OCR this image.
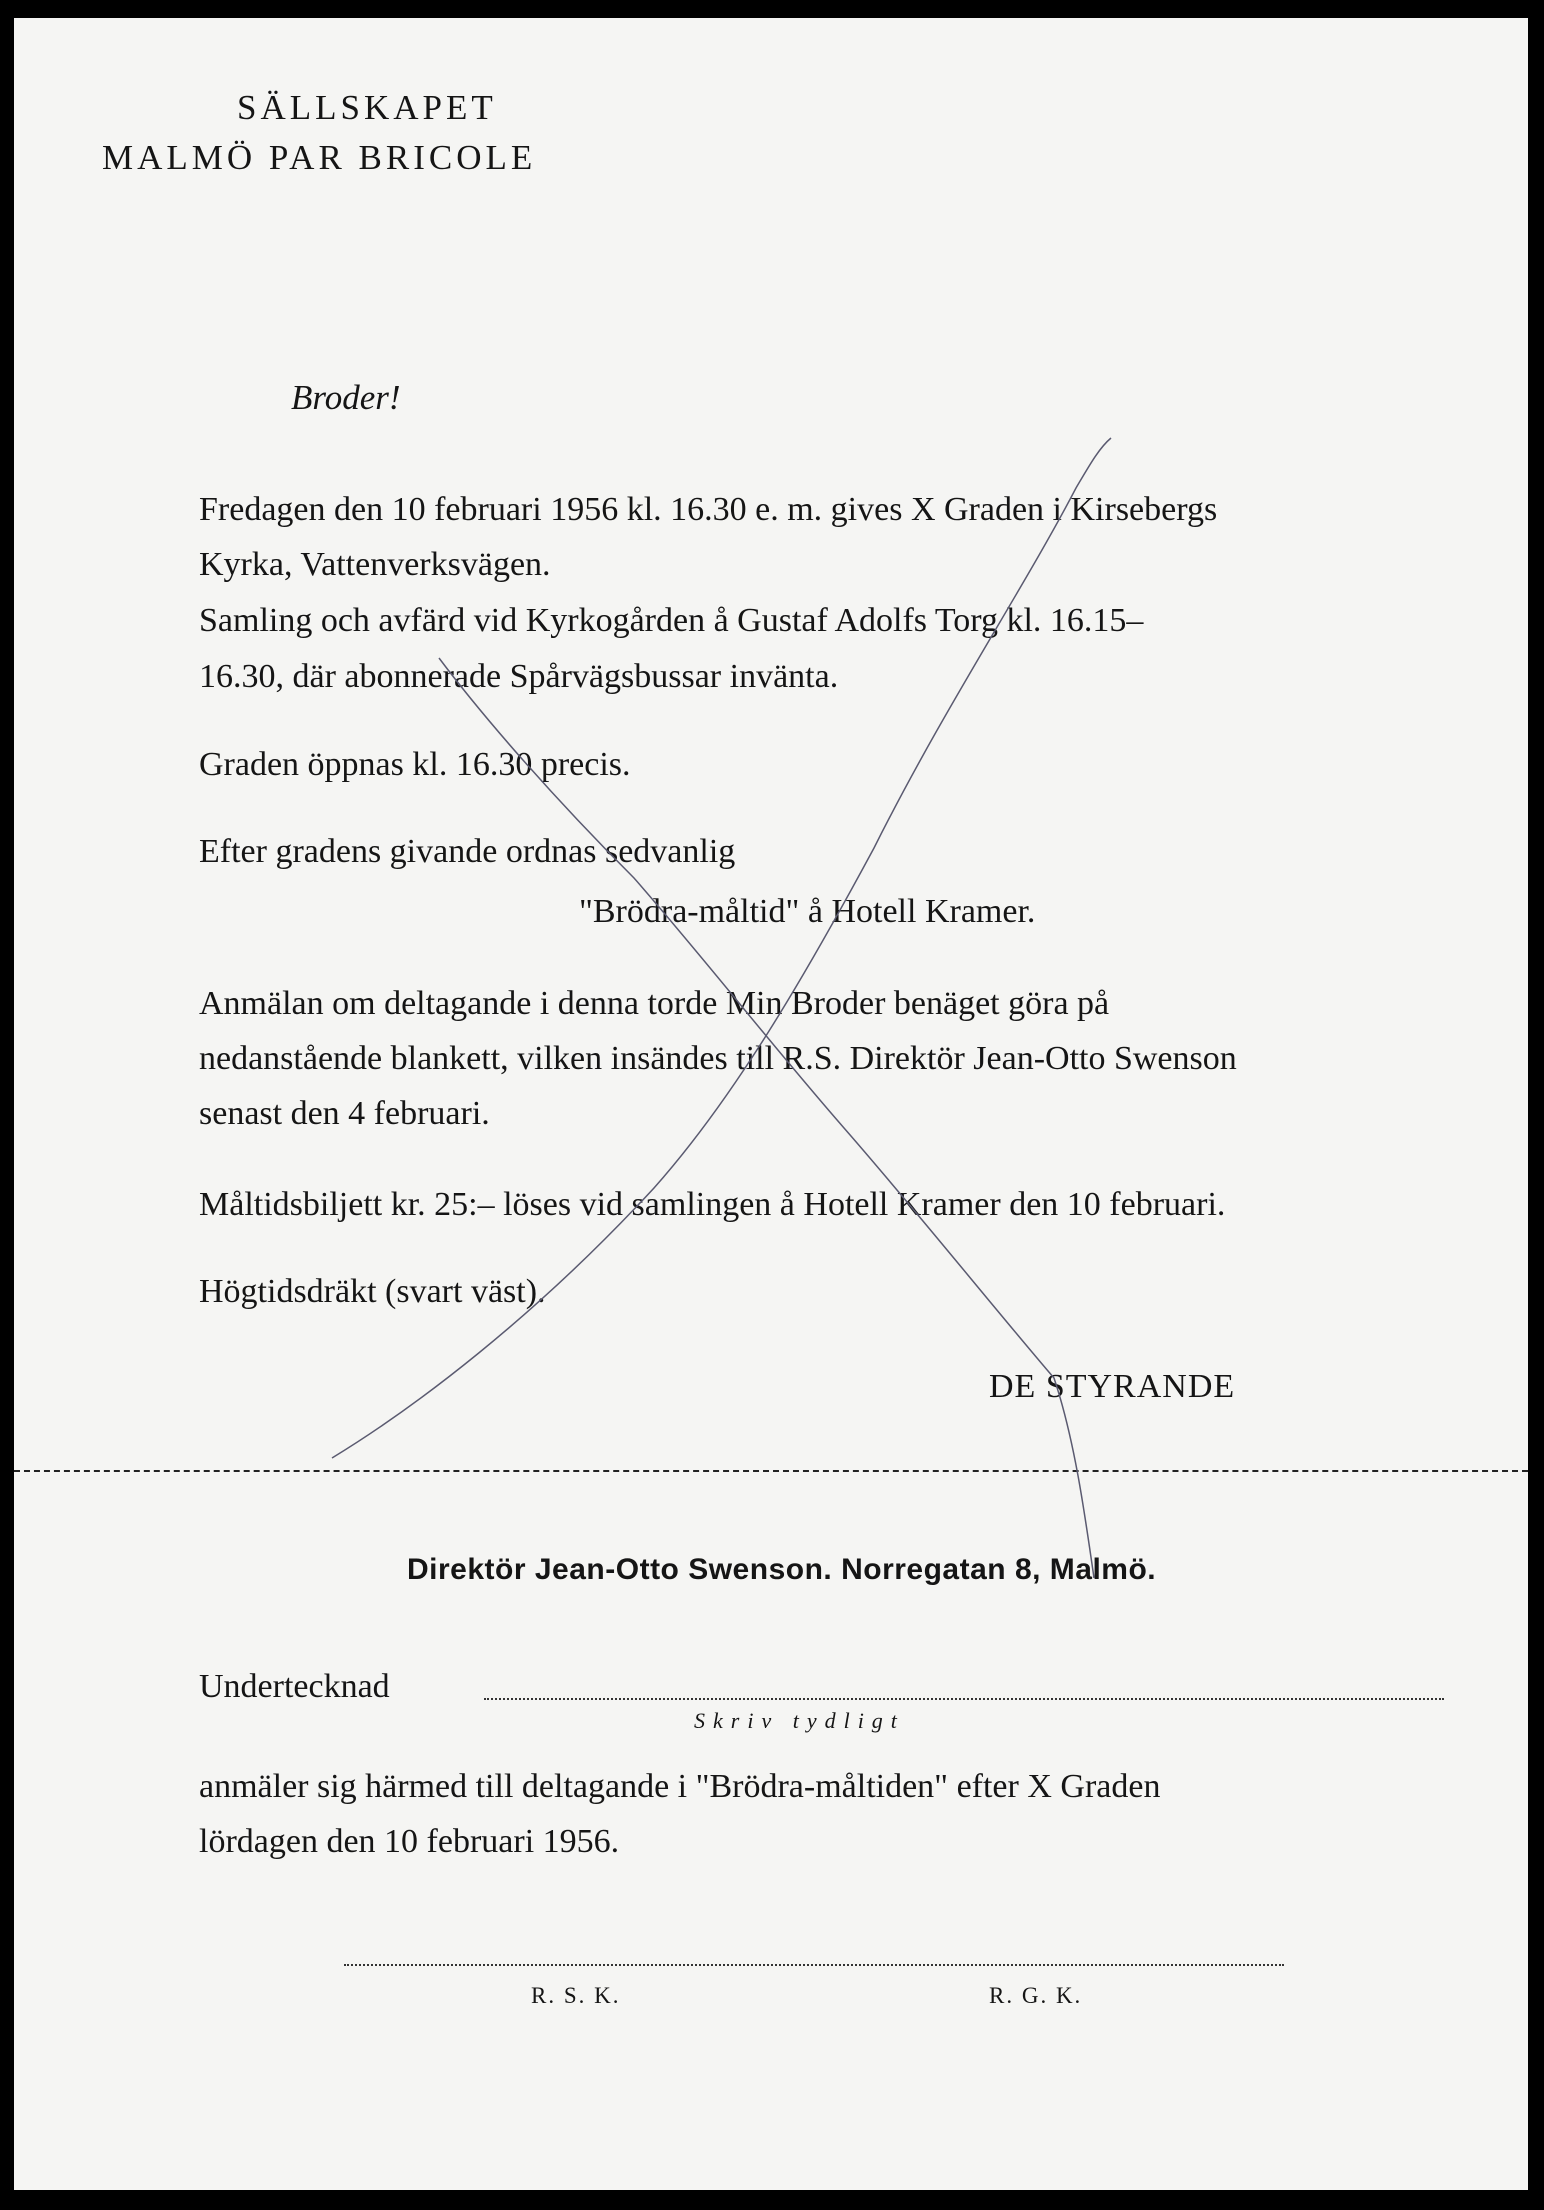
SÄLLSKAPET
MALMÖ PAR BRICOLE
Broder!
Fredagen den 10 februari 1956 kl. 16.30 e. m. gives X Graden i Kirsebergs
Kyrka, Vattenverksvägen.
Samling och avfärd vid Kyrkogården å Gustaf Adolfs Torg kl. 16.15–
16.30, där abonnerade Spårvägsbussar invänta.
Graden öppnas kl. 16.30 precis.
Efter gradens givande ordnas sedvanlig
"Brödra-måltid" å Hotell Kramer.
Anmälan om deltagande i denna torde Min Broder benäget göra på
nedanstående blankett, vilken insändes till R.S. Direktör Jean-Otto Swenson
senast den 4 februari.
Måltidsbiljett kr. 25:– löses vid samlingen å Hotell Kramer den 10 februari.
Högtidsdräkt (svart väst).
DE STYRANDE
Direktör Jean-Otto Swenson. Norregatan 8, Malmö.
Undertecknad
Skriv tydligt
anmäler sig härmed till deltagande i "Brödra-måltiden" efter X Graden
lördagen den 10 februari 1956.
R. S. K.	R. G. K.
